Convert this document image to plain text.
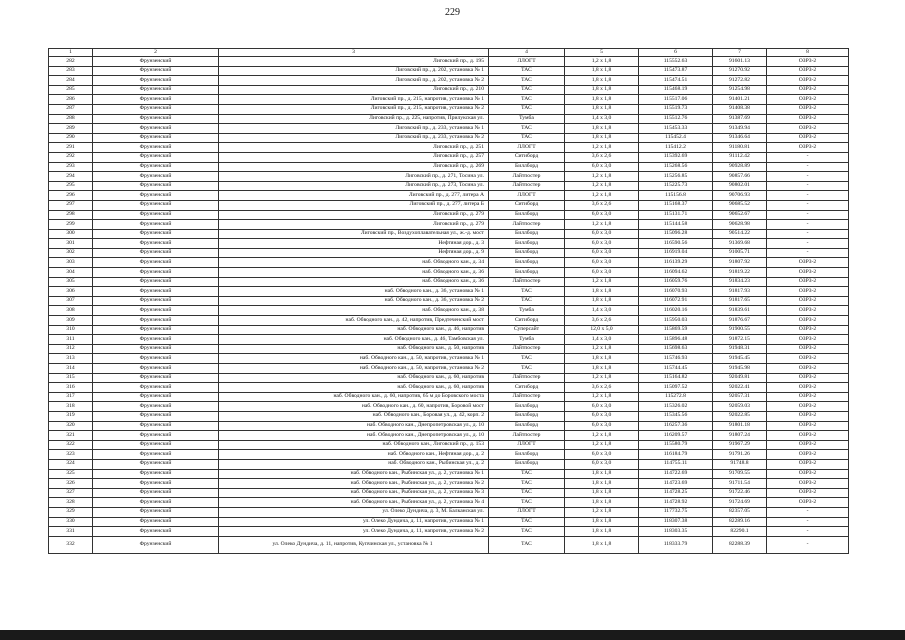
229
1	2	3	4	5	6	7	8
282	Фрунзенский	Лиговский пр., д. 195	ЛЛОГТ	1,2 х 1,8	115552.63	91601.13	ОЗРЗ-2
283	Фрунзенский	Лиговский пр., д. 202, установка № 1	ТАС	1,8 х 1,8	115473.87	91270.92	ОЗРЗ-2
284	Фрунзенский	Лиговский пр., д. 202, установка № 2	ТАС	1,8 х 1,8	115474.51	91272.82	ОЗРЗ-2
285	Фрунзенский	Лиговский пр., д. 210	ТАС	1,8 х 1,8	115468.19	91254.98	ОЗРЗ-2
286	Фрунзенский	Лиговский пр., д. 215, напротив, установка № 1	ТАС	1,8 х 1,8	115517.06	91401.21	ОЗРЗ-2
287	Фрунзенский	Лиговский пр., д. 215, напротив, установка № 2	ТАС	1,8 х 1,8	115519.73	91408.38	ОЗРЗ-2
288	Фрунзенский	Лиговский пр., д. 225, напротив, Прилукская ул.	Тумба	1,4 х 3,0	115512.76	91387.69	ОЗРЗ-2
289	Фрунзенский	Лиговский пр., д. 233, установка № 1	ТАС	1,8 х 1,8	115453.33	91349.94	ОЗРЗ-2
290	Фрунзенский	Лиговский пр., д. 233, установка № 2	ТАС	1,8 х 1,8	115452.4	91346.64	ОЗРЗ-2
291	Фрунзенский	Лиговский пр., д. 251	ЛЛОГТ	1,2 х 1,8	115412.2	91180.81	ОЗРЗ-2
292	Фрунзенский	Лиговский пр., д. 257	Ситиборд	3,6 х 2,6	115392.69	91112.42	-
293	Фрунзенский	Лиговский пр., д. 269	Биллборд	6,0 х 3,0	115268.56	90928.89	-
294	Фрунзенский	Лиговский пр., д. 271, Тосина ул.	Лайтпостер	1,2 х 1,8	115256.85	90857.66	-
295	Фрунзенский	Лиговский пр., д. 273, Тосина ул.	Лайтпостер	1,2 х 1,8	115225.73	90802.01	-
296	Фрунзенский	Лиговский пр., д. 277, литера А	ЛЛОГТ	1,2 х 1,8	115156.8	90706.93	-
297	Фрунзенский	Лиговский пр., д. 277, литера Б	Ситиборд	3,6 х 2,6	115168.37	90685.52	-
298	Фрунзенский	Лиговский пр., д. 279	Биллборд	6,0 х 3,0	115131.71	90652.67	-
299	Фрунзенский	Лиговский пр., д. 279	Лайтпостер	1,2 х 1,8	115144.58	90628.98	-
300	Фрунзенский	Лиговский пр., Воздухоплавательная ул., ж.-д. мост	Биллборд	6,0 х 3,0	115096.28	90514.22	-
301	Фрунзенский	Нефтяная дор., д. 3	Биллборд	6,0 х 3,0	116590.56	91369.68	-
302	Фрунзенский	Нефтяная дор., д. 9	Биллборд	6,0 х 3,0	116919.04	91005.71	-
303	Фрунзенский	наб. Обводного кан., д. 34	Биллборд	6,0 х 3,0	116139.29	91807.92	ОЗРЗ-2
304	Фрунзенский	наб. Обводного кан., д. 36	Биллборд	6,0 х 3,0	116094.62	91819.22	ОЗРЗ-2
305	Фрунзенский	наб. Обводного кан., д. 36	Лайтпостер	1,2 х 1,8	116059.76	91834.23	ОЗРЗ-2
306	Фрунзенский	наб. Обводного кан., д. 36, установка № 1	ТАС	1,8 х 1,8	116070.93	91817.93	ОЗРЗ-2
307	Фрунзенский	наб. Обводного кан., д. 36, установка № 2	ТАС	1,8 х 1,8	116072.91	91817.65	ОЗРЗ-2
308	Фрунзенский	наб. Обводного кан., д. 38	Тумба	1,4 х 3,0	116020.16	91839.61	ОЗРЗ-2
309	Фрунзенский	наб. Обводного кан., д. 42, напротив, Предтеченский мост	Ситиборд	3,6 х 2,6	115950.03	91876.67	ОЗРЗ-2
310	Фрунзенский	наб. Обводного кан., д. 46, напротив	Суперсайт	12,0 х 5,0	115869.59	91900.55	ОЗРЗ-2
311	Фрунзенский	наб. Обводного кан., д. 46, Тамбовская ул.	Тумба	1,4 х 3,0	115896.48	91872.15	ОЗРЗ-2
312	Фрунзенский	наб. Обводного кан., д. 50, напротив	Лайтпостер	1,2 х 1,8	115698.63	91948.31	ОЗРЗ-2
313	Фрунзенский	наб. Обводного кан., д. 50, напротив, установка № 1	ТАС	1,8 х 1,8	115746.93	91945.45	ОЗРЗ-2
314	Фрунзенский	наб. Обводного кан., д. 50, напротив, установка № 2	ТАС	1,8 х 1,8	115744.45	91945.98	ОЗРЗ-2
315	Фрунзенский	наб. Обводного кан., д. 60, напротив	Лайтпостер	1,2 х 1,8	115164.82	92049.81	ОЗРЗ-2
316	Фрунзенский	наб. Обводного кан., д. 60, напротив	Ситиборд	3,6 х 2,6	115097.52	92022.41	ОЗРЗ-2
317	Фрунзенский	наб. Обводного кан., д. 60, напротив, 65 м до Боровского моста	Лайтпостер	1,2 х 1,8	115272.8	92057.31	ОЗРЗ-2
318	Фрунзенский	наб. Обводного кан., д. 60, напротив, Боровой мост	Биллборд	6,0 х 3,0	115326.02	92059.03	ОЗРЗ-2
319	Фрунзенский	наб. Обводного кан., Боровая ул., д. 42, корп. 2	Биллборд	6,0 х 3,0	115345.56	92022.85	ОЗРЗ-2
320	Фрунзенский	наб. Обводного кан., Днепропетровская ул., д. 10	Биллборд	6,0 х 3,0	116257.36	91801.18	ОЗРЗ-2
321	Фрунзенский	наб. Обводного кан., Днепропетровская ул., д. 10	Лайтпостер	1,2 х 1,8	116209.57	91807.24	ОЗРЗ-2
322	Фрунзенский	наб. Обводного кан., Лиговский пр., д. 153	ЛЛОГТ	1,2 х 1,8	115580.79	91967.29	ОЗРЗ-2
323	Фрунзенский	наб. Обводного кан., Нефтяная дор., д. 2	Биллборд	6,0 х 3,0	116184.79	91791.26	ОЗРЗ-2
324	Фрунзенский	наб. Обводного кан., Рыбинская ул., д. 2	Биллборд	6,0 х 3,0	114755.11	91748.8	ОЗРЗ-2
325	Фрунзенский	наб. Обводного кан., Рыбинская ул., д. 2, установка № 1	ТАС	1,8 х 1,8	114722.69	91709.55	ОЗРЗ-2
326	Фрунзенский	наб. Обводного кан., Рыбинская ул., д. 2, установка № 2	ТАС	1,8 х 1,8	114723.69	91711.54	ОЗРЗ-2
327	Фрунзенский	наб. Обводного кан., Рыбинская ул., д. 2, установка № 3	ТАС	1,8 х 1,8	114728.25	91722.46	ОЗРЗ-2
328	Фрунзенский	наб. Обводного кан., Рыбинская ул., д. 2, установка № 4	ТАС	1,8 х 1,8	114728.92	91724.69	ОЗРЗ-2
329	Фрунзенский	ул. Олеко Дундича, д. 3, М. Балканская ул.	ЛЛОГТ	1,2 х 1,8	117732.75	82357.05	-
330	Фрунзенский	ул. Олеко Дундича, д. 11, напротив, установка № 1	ТАС	1,8 х 1,8	118307.38	82289.16	-
331	Фрунзенский	ул. Олеко Дундича, д. 11, напротив, установка № 2	ТАС	1,8 х 1,8	118303.35	82290.1	-
332	Фрунзенский	ул. Олеко Дундича, д. 11, напротив, Купчинская ул., установка № 1	ТАС	1,8 х 1,8	118333.79	82288.39	-
